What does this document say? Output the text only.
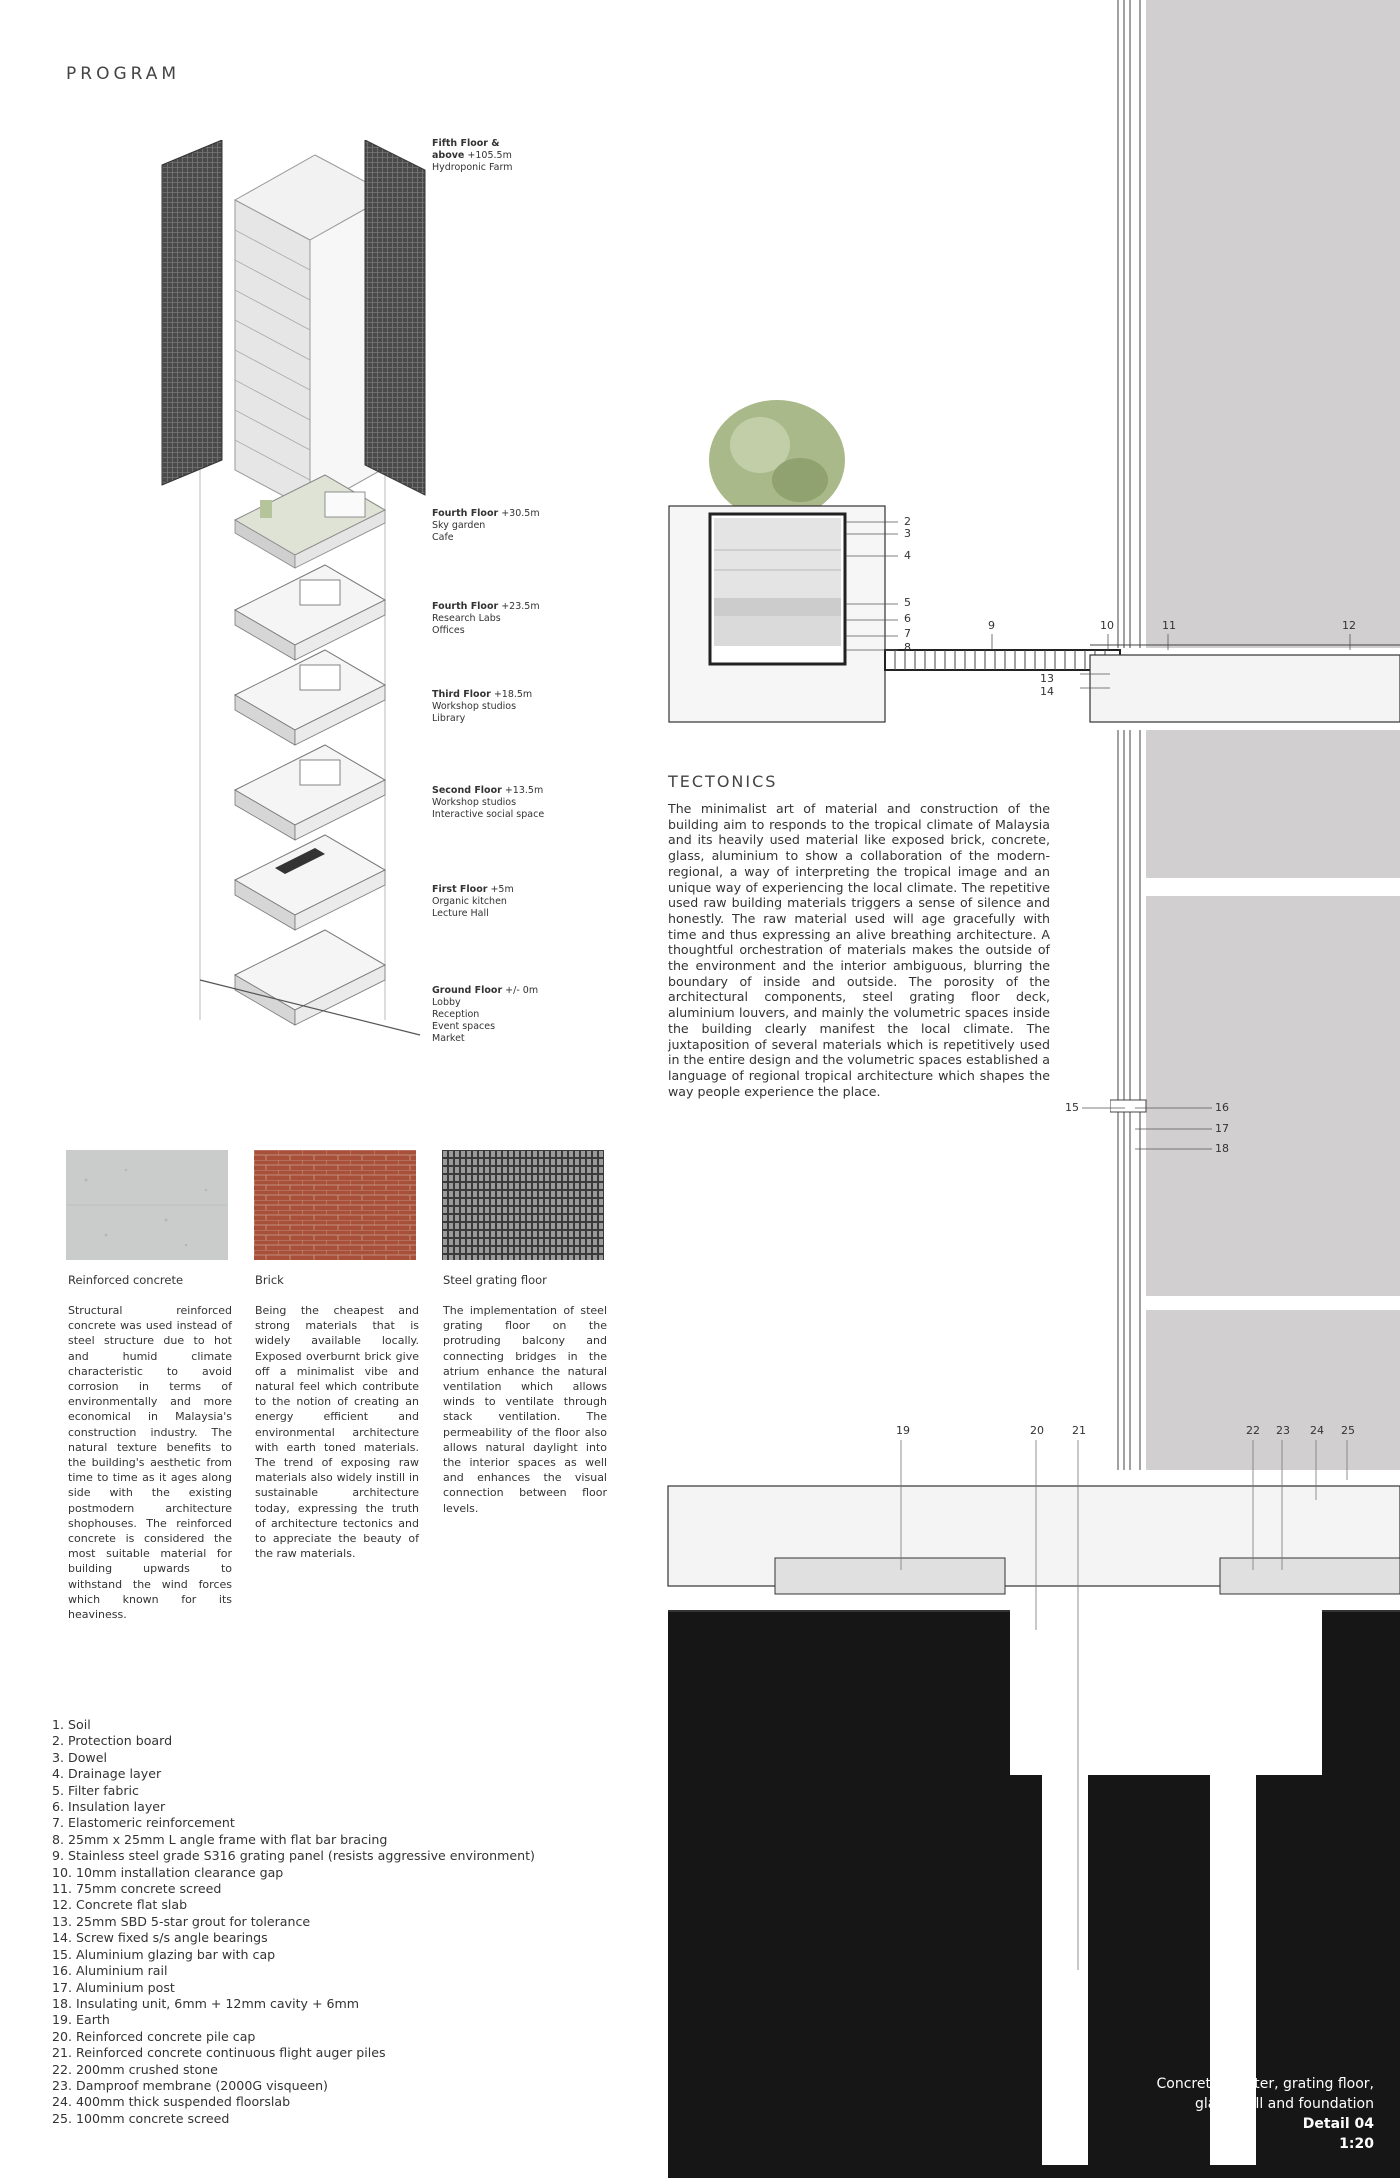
PROGRAM
Fifth Floor &
above +105.5m
Hydroponic Farm
Fourth Floor +30.5m
Sky garden
Cafe
Fourth Floor +23.5m
Research Labs
Offices
Third Floor +18.5m
Workshop studios
Library
Second Floor +13.5m
Workshop studios
Interactive social space
First Floor +5m
Organic kitchen
Lecture Hall
Ground Floor +/- 0m
Lobby
Reception
Event spaces
Market
2
3
4
5
6
7
8
9	10	11	12
13
14
15	16
17
18
19	20	21	22 23 24 25
TECTONICS
The minimalist art of material and construction of the building aim to responds to the tropical climate of Malaysia and its heavily used material like exposed brick, concrete, glass, aluminium to show a collaboration of the modern-regional, a way of interpreting the tropical image and an unique way of experiencing the local climate. The repetitive used raw building materials triggers a sense of silence and honestly. The raw material used will age gracefully with time and thus expressing an alive breathing architecture. A thoughtful orchestration of materials makes the outside of the environment and the interior ambiguous, blurring the boundary of inside and outside. The porosity of the architectural components, steel grating floor deck, aluminium louvers, and mainly the volumetric spaces inside the building clearly manifest the local climate. The juxtaposition of several materials which is repetitively used in the entire design and the volumetric spaces established a language of regional tropical architecture which shapes the way people experience the place.
Reinforced concrete	Brick	Steel grating floor
Structural reinforced concrete was used instead of steel structure due to hot and humid climate characteristic to avoid corrosion in terms of environmentally and more economical in Malaysia's construction industry. The natural texture benefits to the building's aesthetic from time to time as it ages along side with the existing postmodern architecture shophouses. The reinforced concrete is considered the most suitable material for building upwards to withstand the wind forces which known for its heaviness.
Being the cheapest and strong materials that is widely available locally. Exposed overburnt brick give off a minimalist vibe and natural feel which contribute to the notion of creating an energy efficient and environmental architecture with earth toned materials. The trend of exposing raw materials also widely instill in sustainable architecture today, expressing the truth of architecture tectonics and to appreciate the beauty of the raw materials.
The implementation of steel grating floor on the protruding balcony and connecting bridges in the atrium enhance the natural ventilation which allows winds to ventilate through stack ventilation. The permeability of the floor also allows natural daylight into the interior spaces as well and enhances the visual connection between floor levels.
1. Soil
2. Protection board
3. Dowel
4. Drainage layer
5. Filter fabric
6. Insulation layer
7. Elastomeric reinforcement
8. 25mm x 25mm L angle frame with flat bar bracing
9. Stainless steel grade S316 grating panel (resists aggressive environment)
10. 10mm installation clearance gap
11. 75mm concrete screed
12. Concrete flat slab
13. 25mm SBD 5-star grout for tolerance
14. Screw fixed s/s angle bearings
15. Aluminium glazing bar with cap
16. Aluminium rail
17. Aluminium post
18. Insulating unit, 6mm + 12mm cavity + 6mm
19. Earth
20. Reinforced concrete pile cap
21. Reinforced concrete continuous flight auger piles
22. 200mm crushed stone
23. Damproof membrane (2000G visqueen)
24. 400mm thick suspended floorslab
25. 100mm concrete screed
Concrete planter, grating floor,
glass wall and foundation
Detail 04
1:20
